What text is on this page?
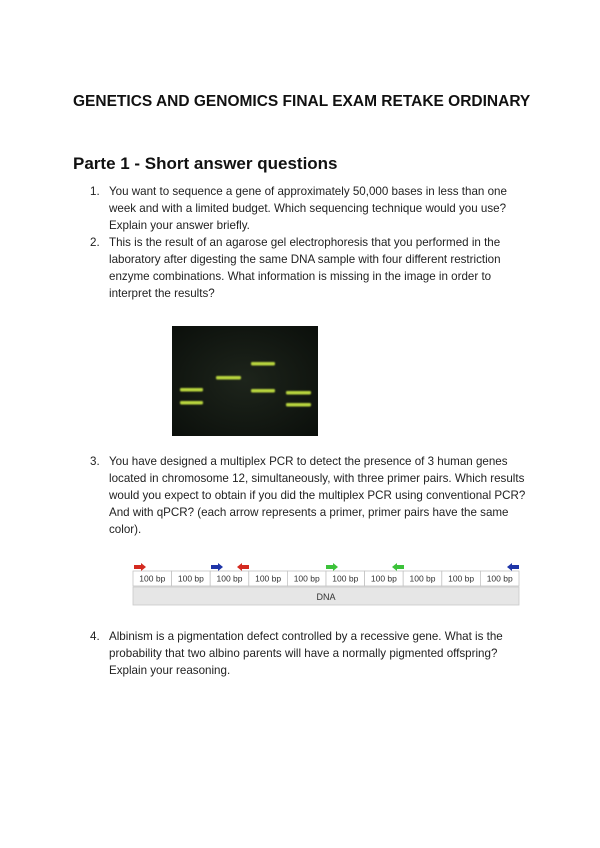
GENETICS AND GENOMICS FINAL EXAM RETAKE ORDINARY
Parte 1 - Short answer questions
1. You want to sequence a gene of approximately 50,000 bases in less than one week and with a limited budget. Which sequencing technique would you use? Explain your answer briefly.
2. This is the result of an agarose gel electrophoresis that you performed in the laboratory after digesting the same DNA sample with four different restriction enzyme combinations. What information is missing in the image in order to interpret the results?
3. You have designed a multiplex PCR to detect the presence of 3 human genes located in chromosome 12, simultaneously, with three primer pairs. Which results would you expect to obtain if you did the multiplex PCR using conventional PCR? And with qPCR? (each arrow represents a primer, primer pairs have the same color).
100 bp 100 bp 100 bp 100 bp 100 bp 100 bp 100 bp 100 bp 100 bp 100 bp
DNA
4. Albinism is a pigmentation defect controlled by a recessive gene. What is the probability that two albino parents will have a normally pigmented offspring? Explain your reasoning.
